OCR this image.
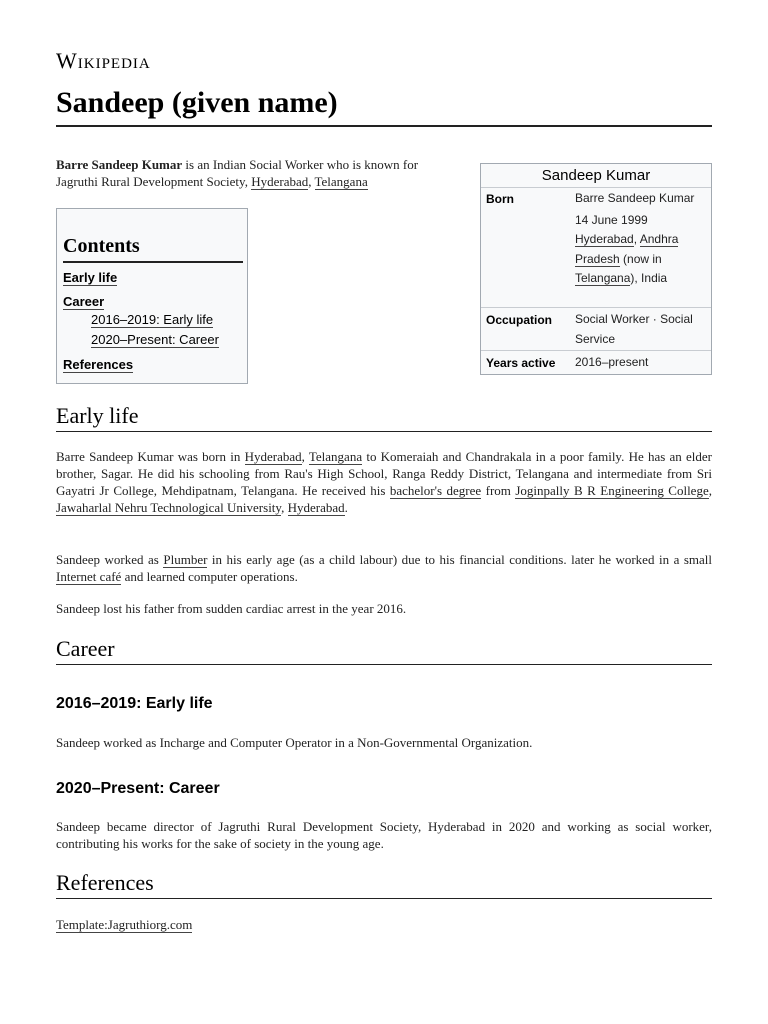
Wikipedia
Sandeep (given name)
Barre Sandeep Kumar is an Indian Social Worker who is known for Jagruthi Rural Development Society, Hyderabad, Telangana
Contents
Early life
Career
2016–2019: Early life
2020–Present: Career
References
Sandeep Kumar
Born	Barre Sandeep Kumar
14 June 1999
Hyderabad, Andhra Pradesh (now in Telangana), India
Occupation Social Worker · Social Service
Years active 2016–present
Early life
Barre Sandeep Kumar was born in Hyderabad, Telangana to Komeraiah and Chandrakala in a poor family. He has an elder brother, Sagar. He did his schooling from Rau's High School, Ranga Reddy District, Telangana and intermediate from Sri Gayatri Jr College, Mehdipatnam, Telangana. He received his bachelor's degree from Joginpally B R Engineering College, Jawaharlal Nehru Technological University, Hyderabad.
Sandeep worked as Plumber in his early age (as a child labour) due to his financial conditions. later he worked in a small Internet café and learned computer operations.
Sandeep lost his father from sudden cardiac arrest in the year 2016.
Career
2016–2019: Early life
Sandeep worked as Incharge and Computer Operator in a Non-Governmental Organization.
2020–Present: Career
Sandeep became director of Jagruthi Rural Development Society, Hyderabad in 2020 and working as social worker, contributing his works for the sake of society in the young age.
References
Template:Jagruthiorg.com
